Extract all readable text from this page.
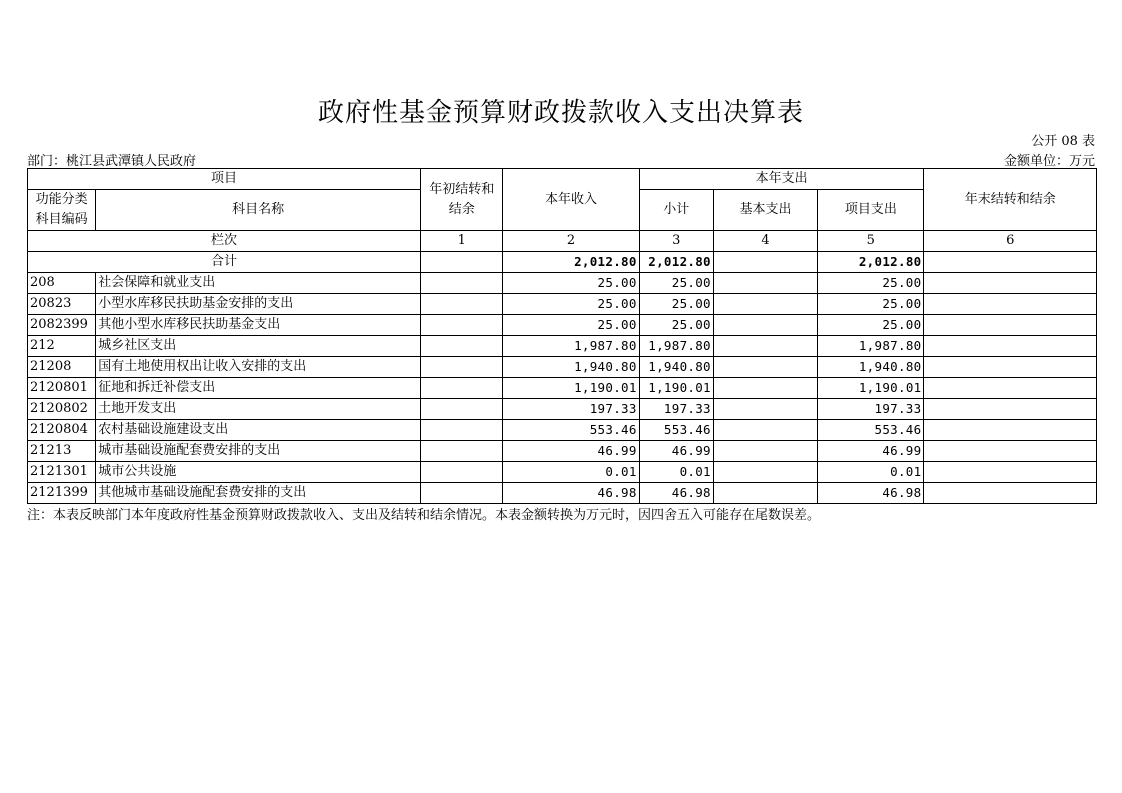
政府性基金预算财政拨款收入支出决算表
公开 08 表
部门：桃江县武潭镇人民政府	金额单位：万元
项目		年初结转和结余	本年收入	本年支出			年末结转和结余
功能分类科目编码	科目名称			小计	基本支出	项目支出	
栏次		1	2	3	4	5	6
合计			2,012.80	2,012.80		2,012.80	
208	社会保障和就业支出		25.00	25.00		25.00	
20823	小型水库移民扶助基金安排的支出		25.00	25.00		25.00	
2082399	其他小型水库移民扶助基金支出		25.00	25.00		25.00	
212	城乡社区支出		1,987.80	1,987.80		1,987.80	
21208	国有土地使用权出让收入安排的支出		1,940.80	1,940.80		1,940.80	
2120801	征地和拆迁补偿支出		1,190.01	1,190.01		1,190.01	
2120802	土地开发支出		197.33	197.33		197.33	
2120804	农村基础设施建设支出		553.46	553.46		553.46	
21213	城市基础设施配套费安排的支出		46.99	46.99		46.99	
2121301	城市公共设施		0.01	0.01		0.01	
2121399	其他城市基础设施配套费安排的支出		46.98	46.98		46.98	
注：本表反映部门本年度政府性基金预算财政拨款收入、支出及结转和结余情况。本表金额转换为万元时，因四舍五入可能存在尾数误差。
